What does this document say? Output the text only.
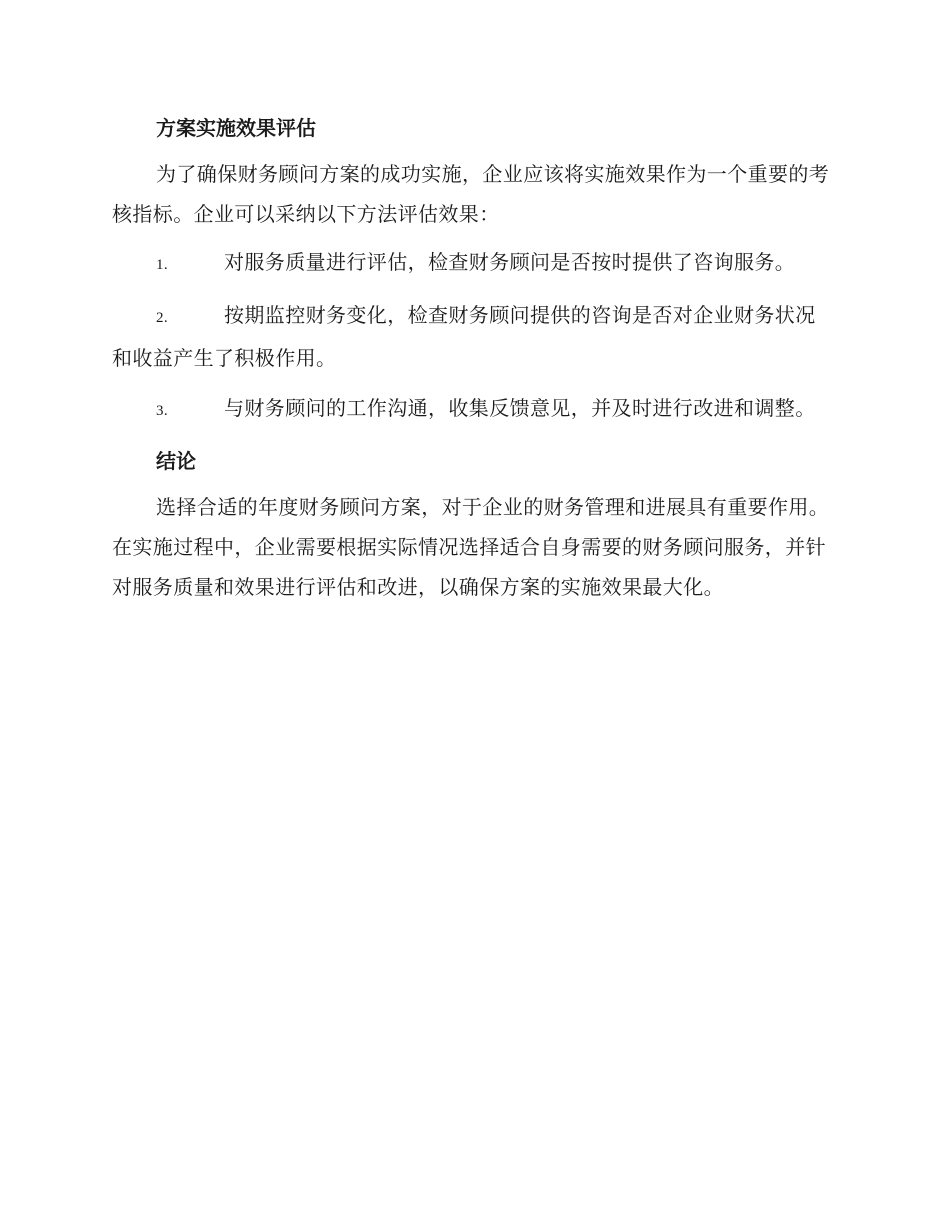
方案实施效果评估

为了确保财务顾问方案的成功实施，企业应该将实施效果作为一个重要的考核指标。企业可以采纳以下方法评估效果：

1.	对服务质量进行评估，检查财务顾问是否按时提供了咨询服务。
2.	按期监控财务变化，检查财务顾问提供的咨询是否对企业财务状况和收益产生了积极作用。
3.	与财务顾问的工作沟通，收集反馈意见，并及时进行改进和调整。
结论

选择合适的年度财务顾问方案，对于企业的财务管理和进展具有重要作用。在实施过程中，企业需要根据实际情况选择适合自身需要的财务顾问服务，并针对服务质量和效果进行评估和改进，以确保方案的实施效果最大化。
